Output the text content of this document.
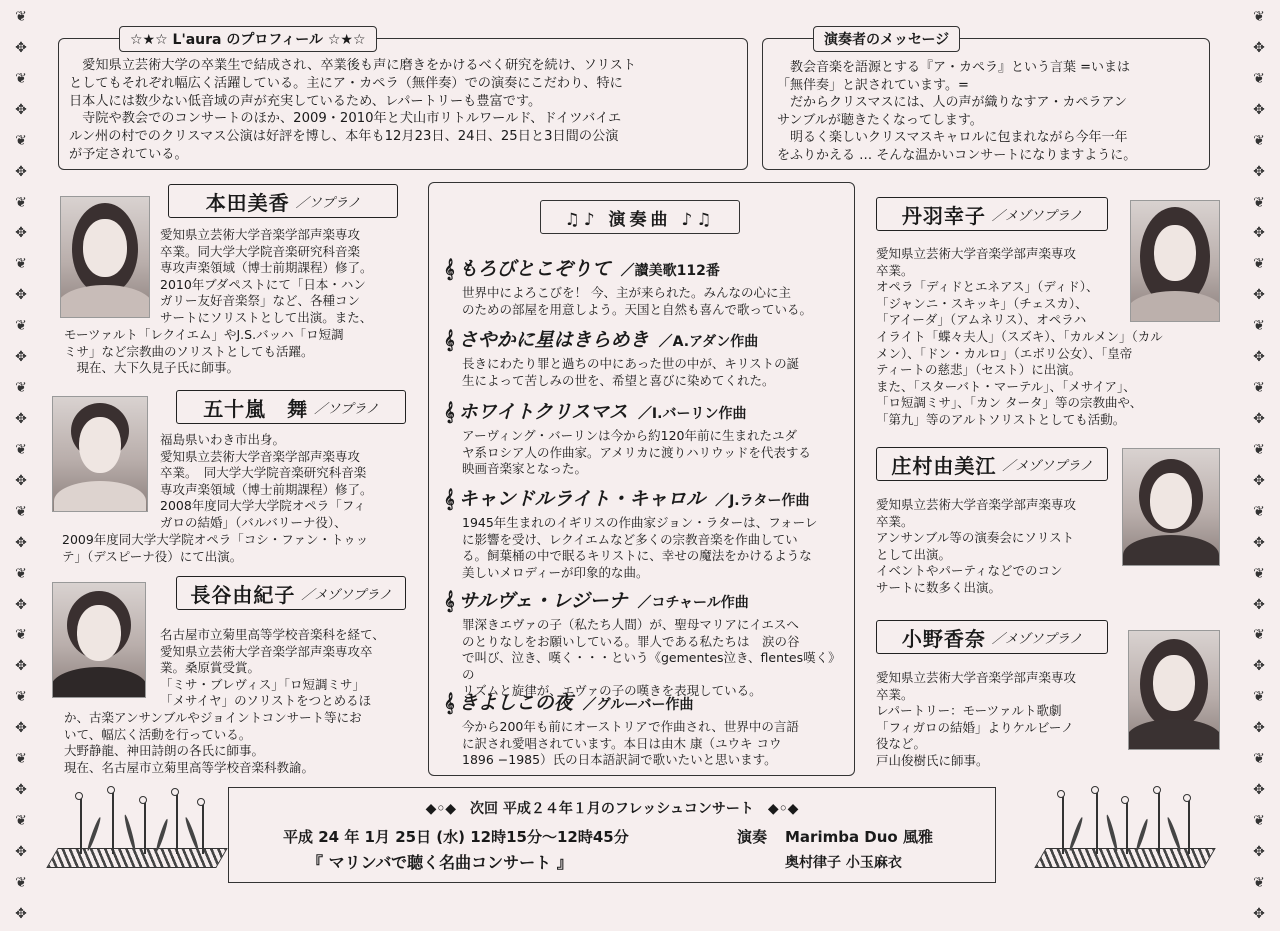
❦
✥
❦
✥
❦
✥
❦
✥
❦
✥
❦
✥
❦
✥
❦
✥
❦
✥
❦
✥
❦
✥
❦
✥
❦
✥
❦
✥
❦
✥
❦
✥
❦
✥
❦
✥
❦
✥
❦
✥
❦
✥
❦
✥
❦
✥
❦
✥
❦
✥
❦
✥
❦
✥
❦
✥
❦
✥
❦
✥
☆★☆ L'aura のプロフィール ☆★☆
　愛知県立芸術大学の卒業生で結成され、卒業後も声に磨きをかけるべく研究を続け、ソリスト
としてもそれぞれ幅広く活躍している。主にア・カペラ（無伴奏）での演奏にこだわり、特に
日本人には数少ない低音域の声が充実しているため、レパートリーも豊富です。
　寺院や教会でのコンサートのほか、2009・2010年と犬山市リトルワールド、ドイツバイエ
ルン州の村でのクリスマス公演は好評を博し、本年も12月23日、24日、25日と3日間の公演
が予定されている。
演奏者のメッセージ
　教会音楽を語源とする『ア・カペラ』という言葉 =いまは
「無伴奏」と訳されています。=
　だからクリスマスには、人の声が織りなすア・カペラアン
サンブルが聴きたくなってします。
　明るく楽しいクリスマスキャロルに包まれながら今年一年
をふりかえる … そんな温かいコンサートになりますように。
本田美香 ／ソプラノ
愛知県立芸術大学音楽学部声楽専攻
卒業。同大学大学院音楽研究科音楽
専攻声楽領域（博士前期課程）修了。
2010年ブダペストにて「日本・ハン
ガリー友好音楽祭」など、各種コン
サートにソリストとして出演。また、
モーツァルト「レクイエム」やJ.S.バッハ「ロ短調
ミサ」など宗教曲のソリストとしても活躍。
　現在、大下久見子氏に師事。
五十嵐　舞 ／ソプラノ
福島県いわき市出身。
愛知県立芸術大学音楽学部声楽専攻
卒業。　同大学大学院音楽研究科音楽
専攻声楽領域（博士前期課程）修了。
2008年度同大学大学院オペラ「フィ
ガロの結婚」（バルバリーナ役）、
2009年度同大学大学院オペラ「コシ・ファン・トゥッ
テ」（デスピーナ役）にて出演。
長谷由紀子 ／メゾソプラノ
名古屋市立菊里高等学校音楽科を経て、
愛知県立芸術大学音楽学部声楽専攻卒
業。桑原賞受賞。
「ミサ・ブレヴィス」「ロ短調ミサ」
「メサイヤ」のソリストをつとめるほ
か、古楽アンサンブルやジョイントコンサート等にお
いて、幅広く活動を行っている。
大野静龍、神田詩朗の各氏に師事。
現在、名古屋市立菊里高等学校音楽科教諭。
♫♪ 演奏曲 ♪♫
𝄞 もろびとこぞりて ／讃美歌112番
世界中によろこびを！ 今、主が来られた。みんなの心に主
のための部屋を用意しよう。天国と自然も喜んで歌っている。
𝄞 さやかに星はきらめき ／A.アダン作曲
長きにわたり罪と過ちの中にあった世の中が、キリストの誕
生によって苦しみの世を、希望と喜びに染めてくれた。
𝄞 ホワイトクリスマス ／I.バーリン作曲
アーヴィング・バーリンは今から約120年前に生まれたユダ
ヤ系ロシア人の作曲家。アメリカに渡りハリウッドを代表する
映画音楽家となった。
𝄞 キャンドルライト・キャロル ／J.ラター作曲
1945年生まれのイギリスの作曲家ジョン・ラターは、フォーレ
に影響を受け、レクイエムなど多くの宗教音楽を作曲してい
る。飼葉桶の中で眠るキリストに、幸せの魔法をかけるような
美しいメロディーが印象的な曲。
𝄞 サルヴェ・レジーナ ／コチャール作曲
罪深きエヴァの子（私たち人間）が、聖母マリアにイエスへ
のとりなしをお願いしている。罪人である私たちは　涙の谷
で叫び、泣き、嘆く・・・という《gementes泣き、flentes嘆く》の
リズムと旋律が、エヴァの子の嘆きを表現している。
𝄞 きよしこの夜 ／グルーバー作曲
今から200年も前にオーストリアで作曲され、世界中の言語
に訳され愛唱されています。本日は由木 康（ユウキ コウ
1896 −1985）氏の日本語訳詞で歌いたいと思います。
丹羽幸子 ／メゾソプラノ
愛知県立芸術大学音楽学部声楽専攻
卒業。
オペラ「ディドとエネアス」（ディド）、
「ジャンニ・スキッキ」（チェスカ）、
「アイーダ」（アムネリス）、オペラハ
イライト「蝶々夫人」（スズキ）、「カルメン」（カル
メン）、「ドン・カルロ」（エボリ公女）、「皇帝
ティートの慈悲」（セスト）に出演。
また、「スターバト・マーテル」、「メサイア」、
「ロ短調ミサ」、「カン タータ」等の宗教曲や、
「第九」等のアルトソリストとしても活動。
庄村由美江 ／メゾソプラノ
愛知県立芸術大学音楽学部声楽専攻
卒業。
アンサンブル等の演奏会にソリスト
として出演。
イベントやパーティなどでのコン
サートに数多く出演。
小野香奈 ／メゾソプラノ
愛知県立芸術大学音楽学部声楽専攻
卒業。
レパートリー：モーツァルト歌劇
「フィガロの結婚」よりケルビーノ
役など。
戸山俊樹氏に師事。
◆◦◆　次回 平成２４年１月のフレッシュコンサート　◆◦◆
平成 24 年 1月 25日 (水) 12時15分〜12時45分	演奏 Marimba Duo 風雅
『 マリンバで聴く名曲コンサート 』	奥村律子 小玉麻衣
